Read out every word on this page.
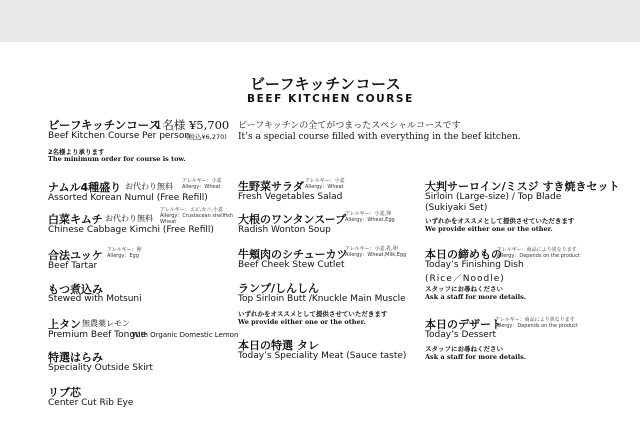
ビーフキッチンコース
BEEF KITCHEN COURSE
ビーフキッチンコース
1名様 ¥5,700
Beef Kitchen Course Per person
(税込¥6,270)
ビーフキッチンの全てがつまったスペシャルコースです
It’s a special course filled with everything in the beef kitchen.
2名様より承ります
The minimum order for course is tow.
ナムル4種盛り お代わり無料
アレルギー：小麦
Allergy：Wheat
Assorted Korean Numul (Free Refill)
白菜キムチ お代わり無料
アレルギー：エビ,カニ,小麦
Allergy：Crustacean shellfish
Wheat
Chinese Cabbage Kimchi (Free Refill)
合法ユッケ アレルギー：卵
Allergy：Egg
Beef Tartar
もつ煮込み
Stewed with Motsuni
上タン 無農薬レモン
Premium Beef Tongue
With Organic Domestic Lemon
特選はらみ
Speciality Outside Skirt
リブ芯
Center Cut Rib Eye
生野菜サラダ アレルギー：小麦
Allergy：Wheat
Fresh Vegetables Salad
大根のワンタンスープ
アレルギー：小麦,卵
Allergy：Wheat,Egg
Radish Wonton Soup
牛頬肉のシチューカツ
アレルギー：小麦,乳,卵
Allergy：Wheat,Milk,Egg
Beef Cheek Stew Cutlet
ランプ/しんしん
Top Sirloin Butt /Knuckle Main Muscle
いずれかをオススメとして提供させていただきます
We provide either one or the other.
本日の特選 タレ
Today’s Speciality Meat (Sauce taste)
大判サーロイン/ミスジ すき焼きセット
Sirloin (Large-size) / Top Blade
(Sukiyaki Set)
いずれかをオススメとして提供させていただきます
We provide either one or the other.
本日の締めもの
アレルギー：商品により異なります
Allergy：Depends on the product
Today’s Finishing Dish
(Rice／Noodle)
スタッフにお尋ねください
Ask a staff for more details.
本日のデザート
アレルギー：商品により異なります
Allergy：Depends on the product
Today’s Dessert
スタッフにお尋ねください
Ask a staff for more details.
